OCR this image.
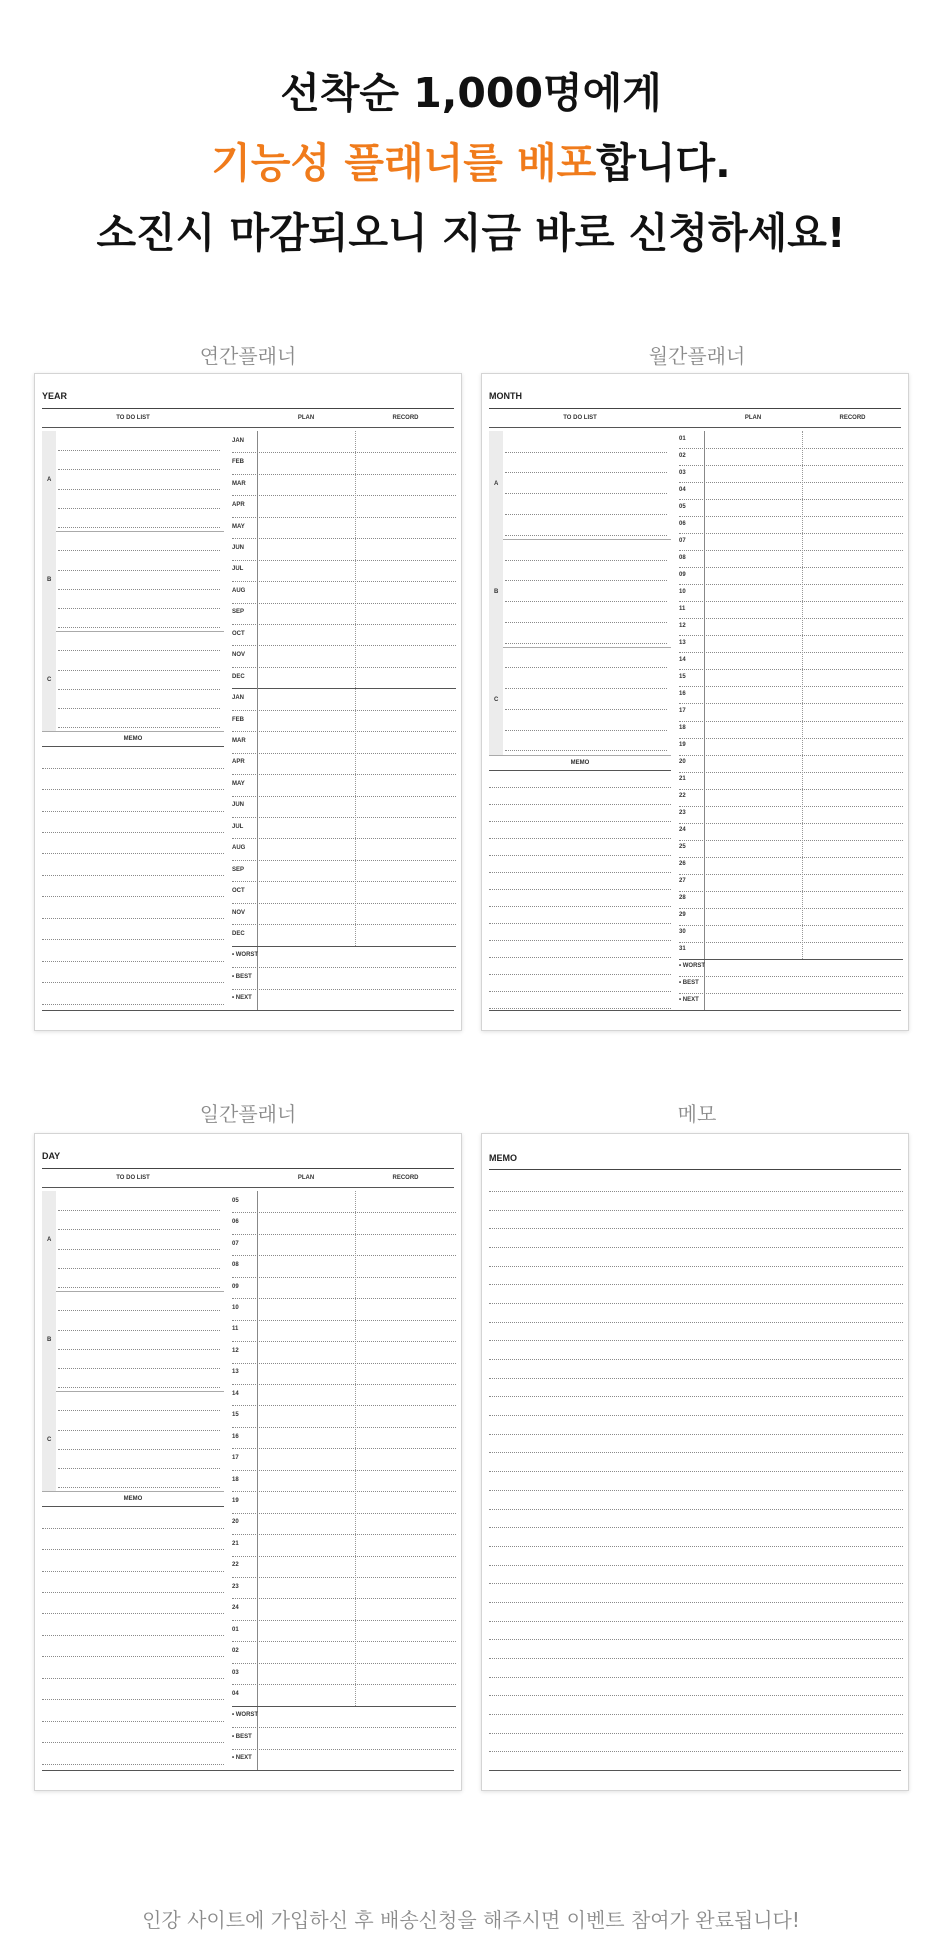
선착순 1,000명에게
기능성 플래너를 배포합니다.
소진시 마감되오니 지금 바로 신청하세요!
연간플래너	월간플래너
일간플래너	메모
YEAR
TO DO LIST	PLAN	RECORD
A
B
C
MEMO
JAN
FEB
MAR
APR
MAY
JUN
JUL
AUG
SEP
OCT
NOV
DEC
JAN
FEB
MAR
APR
MAY
JUN
JUL
AUG
SEP
OCT
NOV
DEC
• WORST
• BEST
• NEXT
MONTH
TO DO LIST	PLAN	RECORD
A
B
C
MEMO
01
02
03
04
05
06
07
08
09
10
11
12
13
14
15
16
17
18
19
20
21
22
23
24
25
26
27
28
29
30
31
• WORST
• BEST
• NEXT
DAY
TO DO LIST	PLAN	RECORD
A
B
C
MEMO
05
06
07
08
09
10
11
12
13
14
15
16
17
18
19
20
21
22
23
24
01
02
03
04
• WORST
• BEST
• NEXT
MEMO
인강 사이트에 가입하신 후 배송신청을 해주시면 이벤트 참여가 완료됩니다!
